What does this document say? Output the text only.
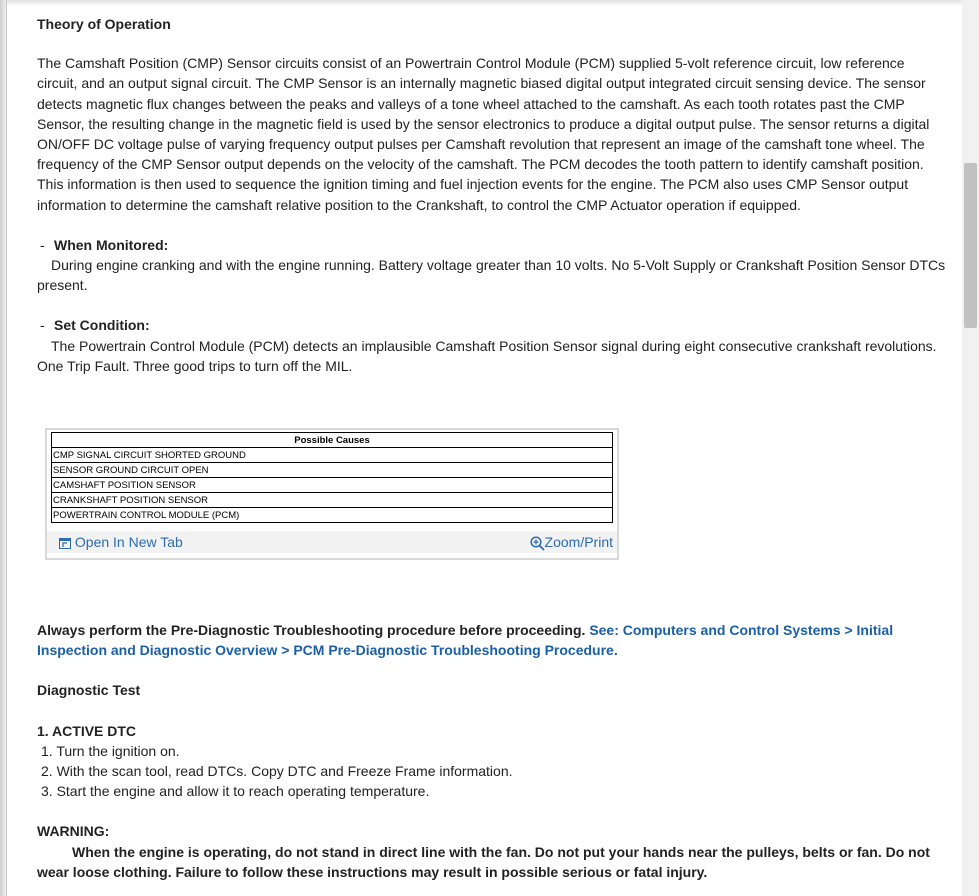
Theory of Operation

The Camshaft Position (CMP) Sensor circuits consist of an Powertrain Control Module (PCM) supplied 5-volt reference circuit, low reference circuit, and an output signal circuit. The CMP Sensor is an internally magnetic biased digital output integrated circuit sensing device. The sensor detects magnetic flux changes between the peaks and valleys of a tone wheel attached to the camshaft. As each tooth rotates past the CMP Sensor, the resulting change in the magnetic field is used by the sensor electronics to produce a digital output pulse. The sensor returns a digital ON/OFF DC voltage pulse of varying frequency output pulses per Camshaft revolution that represent an image of the camshaft tone wheel. The frequency of the CMP Sensor output depends on the velocity of the camshaft. The PCM decodes the tooth pattern to identify camshaft position. This information is then used to sequence the ignition timing and fuel injection events for the engine. The PCM also uses CMP Sensor output information to determine the camshaft relative position to the Crankshaft, to control the CMP Actuator operation if equipped.

- When Monitored:

During engine cranking and with the engine running. Battery voltage greater than 10 volts. No 5-Volt Supply or Crankshaft Position Sensor DTCs present.

- Set Condition:

The Powertrain Control Module (PCM) detects an implausible Camshaft Position Sensor signal during eight consecutive crankshaft revolutions. One Trip Fault. Three good trips to turn off the MIL.

Possible Causes
CMP SIGNAL CIRCUIT SHORTED GROUND
SENSOR GROUND CIRCUIT OPEN
CAMSHAFT POSITION SENSOR
CRANKSHAFT POSITION SENSOR
POWERTRAIN CONTROL MODULE (PCM)
Open In New Tab	Zoom/Print

Always perform the Pre-Diagnostic Troubleshooting procedure before proceeding. See: Computers and Control Systems > Initial Inspection and Diagnostic Overview > PCM Pre-Diagnostic Troubleshooting Procedure.

Diagnostic Test

1. ACTIVE DTC

1. Turn the ignition on.
2. With the scan tool, read DTCs. Copy DTC and Freeze Frame information.
3. Start the engine and allow it to reach operating temperature.

WARNING:

When the engine is operating, do not stand in direct line with the fan. Do not put your hands near the pulleys, belts or fan. Do not wear loose clothing. Failure to follow these instructions may result in possible serious or fatal injury.
